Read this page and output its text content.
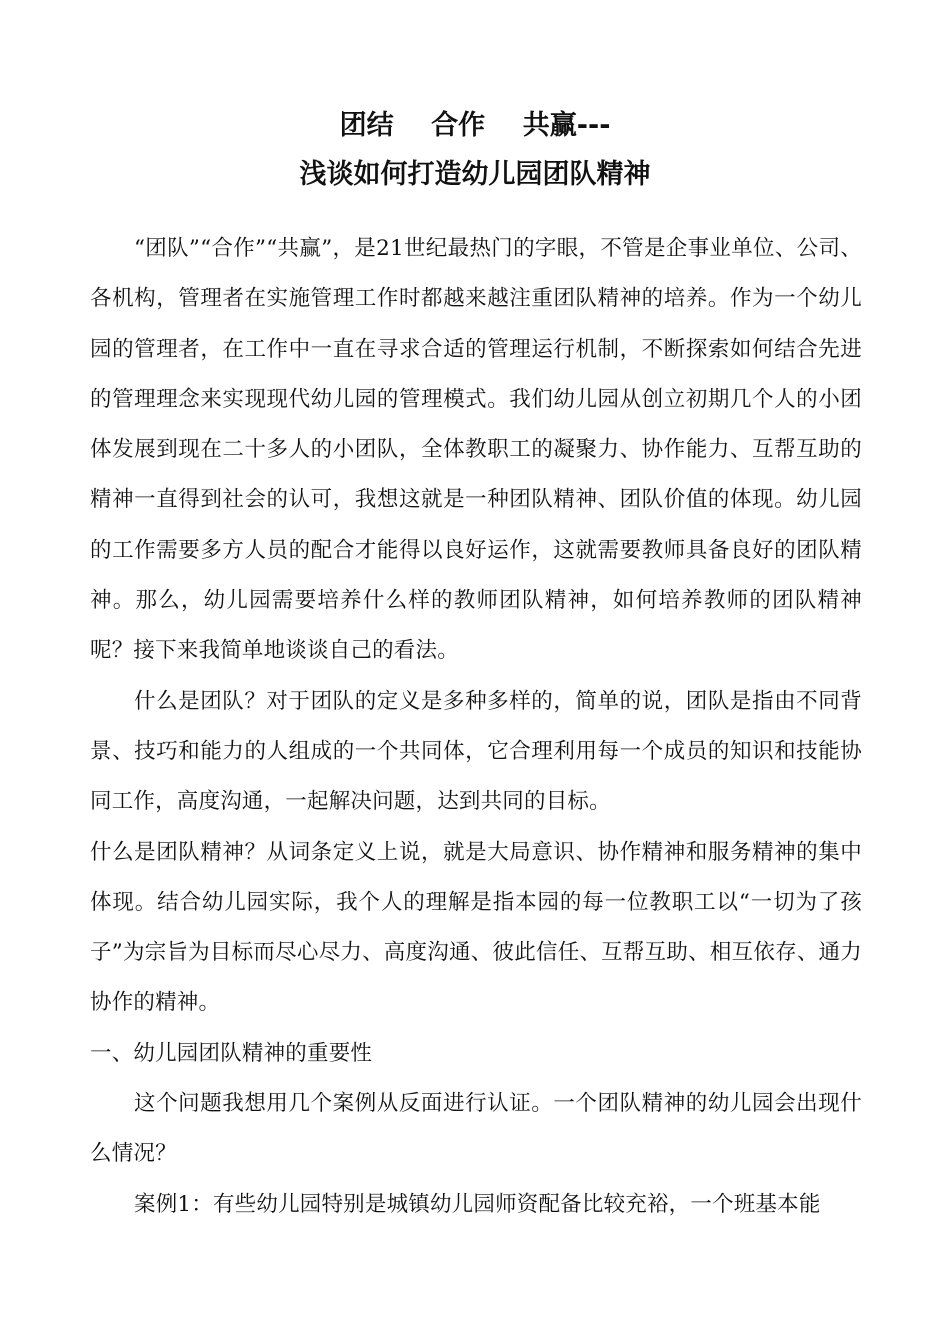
团结    合作    共赢---
浅谈如何打造幼儿园团队精神

“团队”“合作”“共赢”，是21世纪最热门的字眼，不管是企事业单位、公司、各机构，管理者在实施管理工作时都越来越注重团队精神的培养。作为一个幼儿园的管理者，在工作中一直在寻求合适的管理运行机制，不断探索如何结合先进的管理理念来实现现代幼儿园的管理模式。我们幼儿园从创立初期几个人的小团体发展到现在二十多人的小团队，全体教职工的凝聚力、协作能力、互帮互助的精神一直得到社会的认可，我想这就是一种团队精神、团队价值的体现。幼儿园的工作需要多方人员的配合才能得以良好运作，这就需要教师具备良好的团队精神。那么，幼儿园需要培养什么样的教师团队精神，如何培养教师的团队精神呢？接下来我简单地谈谈自己的看法。

什么是团队？对于团队的定义是多种多样的，简单的说，团队是指由不同背景、技巧和能力的人组成的一个共同体，它合理利用每一个成员的知识和技能协同工作，高度沟通，一起解决问题，达到共同的目标。

什么是团队精神？从词条定义上说，就是大局意识、协作精神和服务精神的集中体现。结合幼儿园实际，我个人的理解是指本园的每一位教职工以“一切为了孩子”为宗旨为目标而尽心尽力、高度沟通、彼此信任、互帮互助、相互依存、通力协作的精神。

一、幼儿园团队精神的重要性

这个问题我想用几个案例从反面进行认证。一个团队精神的幼儿园会出现什么情况？

案例1：有些幼儿园特别是城镇幼儿园师资配备比较充裕，一个班基本能
